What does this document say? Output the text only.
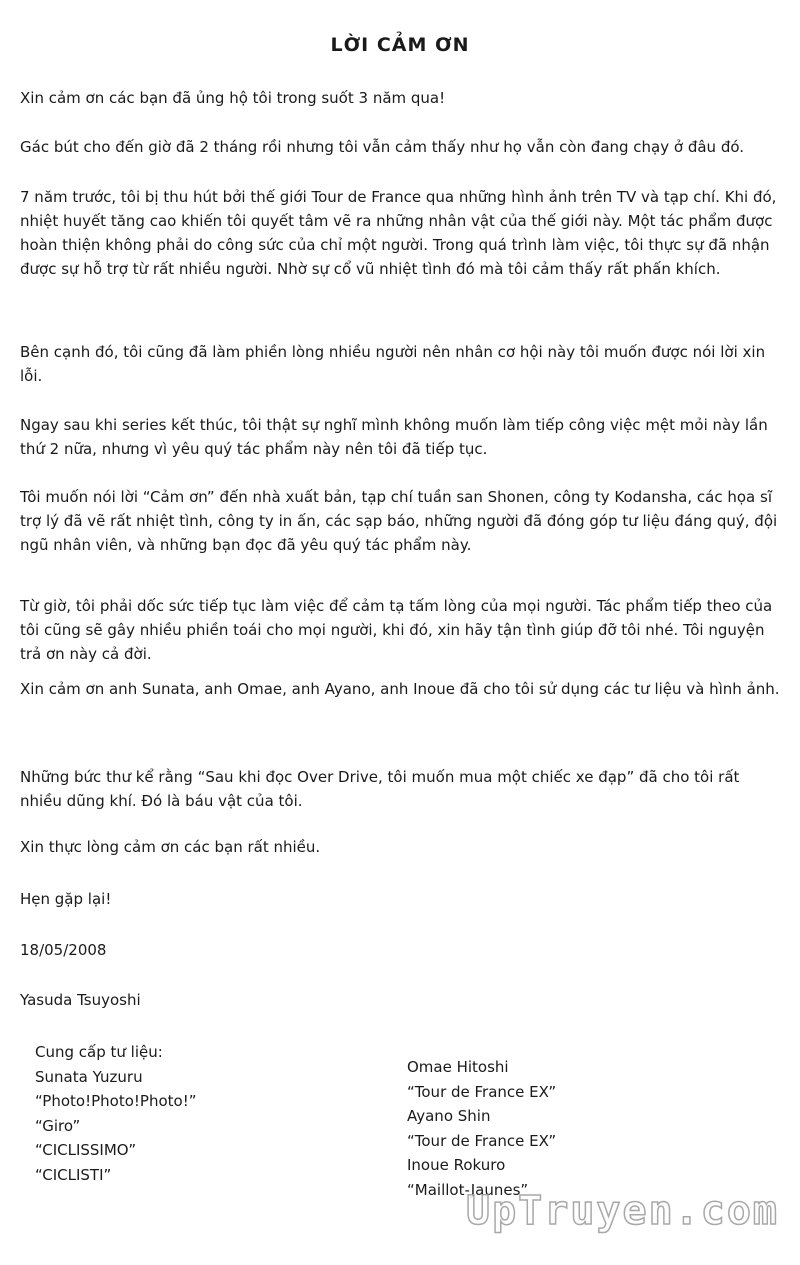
LỜI CẢM ƠN

Xin cảm ơn các bạn đã ủng hộ tôi trong suốt 3 năm qua!

Gác bút cho đến giờ đã 2 tháng rồi nhưng tôi vẫn cảm thấy như họ vẫn còn đang chạy ở đâu đó.

7 năm trước, tôi bị thu hút bởi thế giới Tour de France qua những hình ảnh trên TV và tạp chí. Khi đó, nhiệt huyết tăng cao khiến tôi quyết tâm vẽ ra những nhân vật của thế giới này. Một tác phẩm được hoàn thiện không phải do công sức của chỉ một người. Trong quá trình làm việc, tôi thực sự đã nhận được sự hỗ trợ từ rất nhiều người. Nhờ sự cổ vũ nhiệt tình đó mà tôi cảm thấy rất phấn khích.

Bên cạnh đó, tôi cũng đã làm phiền lòng nhiều người nên nhân cơ hội này tôi muốn được nói lời xin lỗi.

Ngay sau khi series kết thúc, tôi thật sự nghĩ mình không muốn làm tiếp công việc mệt mỏi này lần thứ 2 nữa, nhưng vì yêu quý tác phẩm này nên tôi đã tiếp tục.

Tôi muốn nói lời “Cảm ơn” đến nhà xuất bản, tạp chí tuần san Shonen, công ty Kodansha, các họa sĩ trợ lý đã vẽ rất nhiệt tình, công ty in ấn, các sạp báo, những người đã đóng góp tư liệu đáng quý, đội ngũ nhân viên, và những bạn đọc đã yêu quý tác phẩm này.

Từ giờ, tôi phải dốc sức tiếp tục làm việc để cảm tạ tấm lòng của mọi người. Tác phẩm tiếp theo của tôi cũng sẽ gây nhiều phiền toái cho mọi người, khi đó, xin hãy tận tình giúp đỡ tôi nhé. Tôi nguyện trả ơn này cả đời.

Xin cảm ơn anh Sunata, anh Omae, anh Ayano, anh Inoue đã cho tôi sử dụng các tư liệu và hình ảnh.

Những bức thư kể rằng “Sau khi đọc Over Drive, tôi muốn mua một chiếc xe đạp” đã cho tôi rất nhiều dũng khí. Đó là báu vật của tôi.

Xin thực lòng cảm ơn các bạn rất nhiều.

Hẹn gặp lại!

18/05/2008

Yasuda Tsuyoshi

Cung cấp tư liệu:
Sunata Yuzuru
“Photo!Photo!Photo!”
“Giro”
“CICLISSIMO”
“CICLISTI”
Omae Hitoshi
“Tour de France EX”
Ayano Shin
“Tour de France EX”
Inoue Rokuro
“Maillot-Jaunes”
UpTruyen.com
